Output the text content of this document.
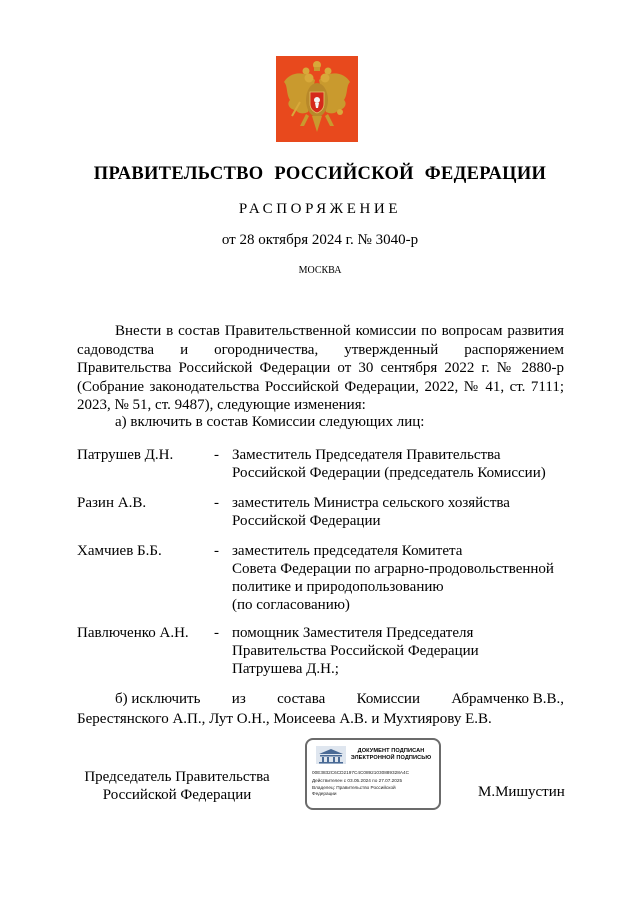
ПРАВИТЕЛЬСТВО РОССИЙСКОЙ ФЕДЕРАЦИИ
РАСПОРЯЖЕНИЕ
от 28 октября 2024 г. № 3040-р
МОСКВА

Внести в состав Правительственной комиссии по вопросам развития садоводства и огородничества, утвержденный распоряжением Правительства Российской Федерации от 30 сентября 2022 г. № 2880-р (Собрание законодательства Российской Федерации, 2022, № 41, ст. 7111; 2023, № 51, ст. 9487), следующие изменения:

а) включить в состав Комиссии следующих лиц:
Патрушев Д.Н.	- Заместитель Председателя Правительства
Российской Федерации (председатель Комиссии)
Разин А.В.	- заместитель Министра сельского хозяйства
Российской Федерации
Хамчиев Б.Б.	- заместитель председателя Комитета
Совета Федерации по аграрно-продовольственной
политике и природопользованию
(по согласованию)
Павлюченко А.Н.	- помощник Заместителя Председателя
Правительства Российской Федерации
Патрушева Д.Н.;
б) исключить из состава Комиссии Абрамченко В.В.,
Берестянского А.П., Лут О.Н., Моисеева А.В. и Мухтиярову Е.В.
Председатель Правительства
Российской Федерации
ДОКУМЕНТ ПОДПИСАН
ЭЛЕКТРОННОЙ ПОДПИСЬЮ
00E3832C6CD2197C4C08921030889328A4C
Действителен с 03.05.2024 по 27.07.2025
Владелец: Правительство Российской
Федерации	М.Мишустин
